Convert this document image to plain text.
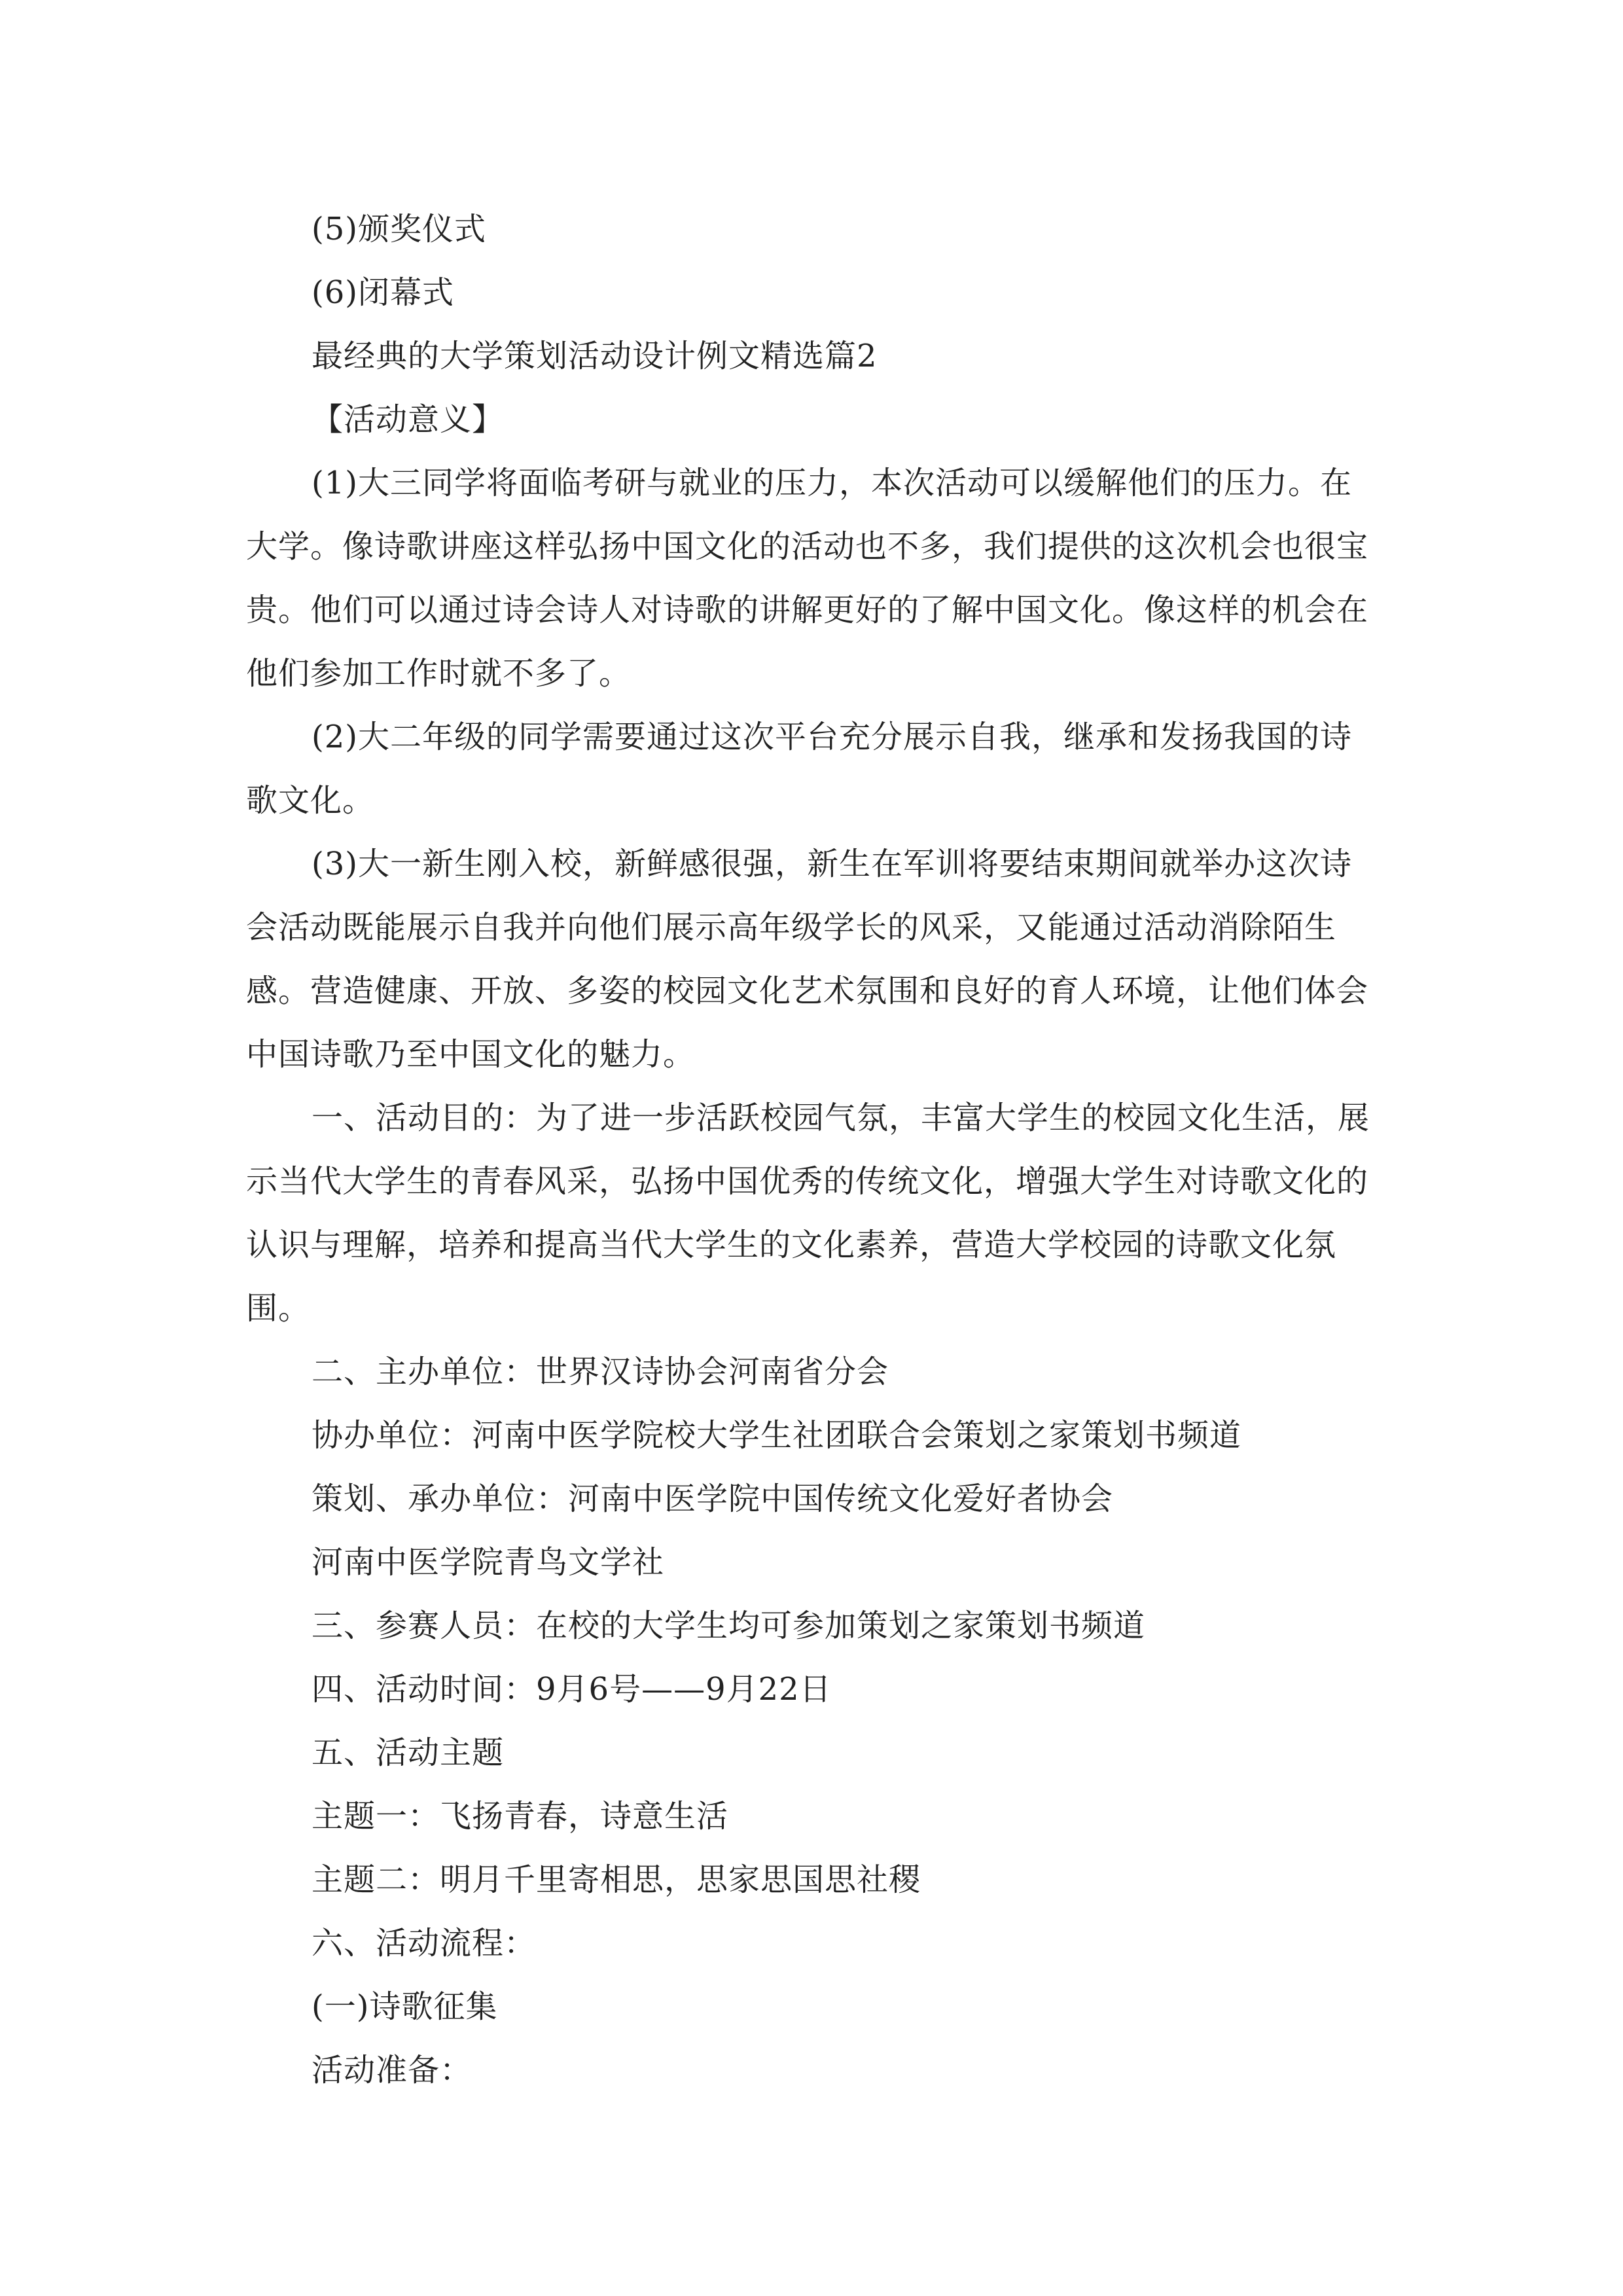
(5)颁奖仪式

(6)闭幕式

最经典的大学策划活动设计例文精选篇2

【活动意义】

(1)大三同学将面临考研与就业的压力，本次活动可以缓解他们的压力。在大学。像诗歌讲座这样弘扬中国文化的活动也不多，我们提供的这次机会也很宝贵。他们可以通过诗会诗人对诗歌的讲解更好的了解中国文化。像这样的机会在他们参加工作时就不多了。

(2)大二年级的同学需要通过这次平台充分展示自我，继承和发扬我国的诗歌文化。

(3)大一新生刚入校，新鲜感很强，新生在军训将要结束期间就举办这次诗会活动既能展示自我并向他们展示高年级学长的风采，又能通过活动消除陌生感。营造健康、开放、多姿的校园文化艺术氛围和良好的育人环境，让他们体会中国诗歌乃至中国文化的魅力。

一、活动目的：为了进一步活跃校园气氛，丰富大学生的校园文化生活，展示当代大学生的青春风采，弘扬中国优秀的传统文化，增强大学生对诗歌文化的认识与理解，培养和提高当代大学生的文化素养，营造大学校园的诗歌文化氛围。

二、主办单位：世界汉诗协会河南省分会

协办单位：河南中医学院校大学生社团联合会策划之家策划书频道

策划、承办单位：河南中医学院中国传统文化爱好者协会

河南中医学院青鸟文学社

三、参赛人员：在校的大学生均可参加策划之家策划书频道

四、活动时间：9月6号——9月22日

五、活动主题

主题一：飞扬青春，诗意生活

主题二：明月千里寄相思，思家思国思社稷

六、活动流程：

(一)诗歌征集

活动准备：
